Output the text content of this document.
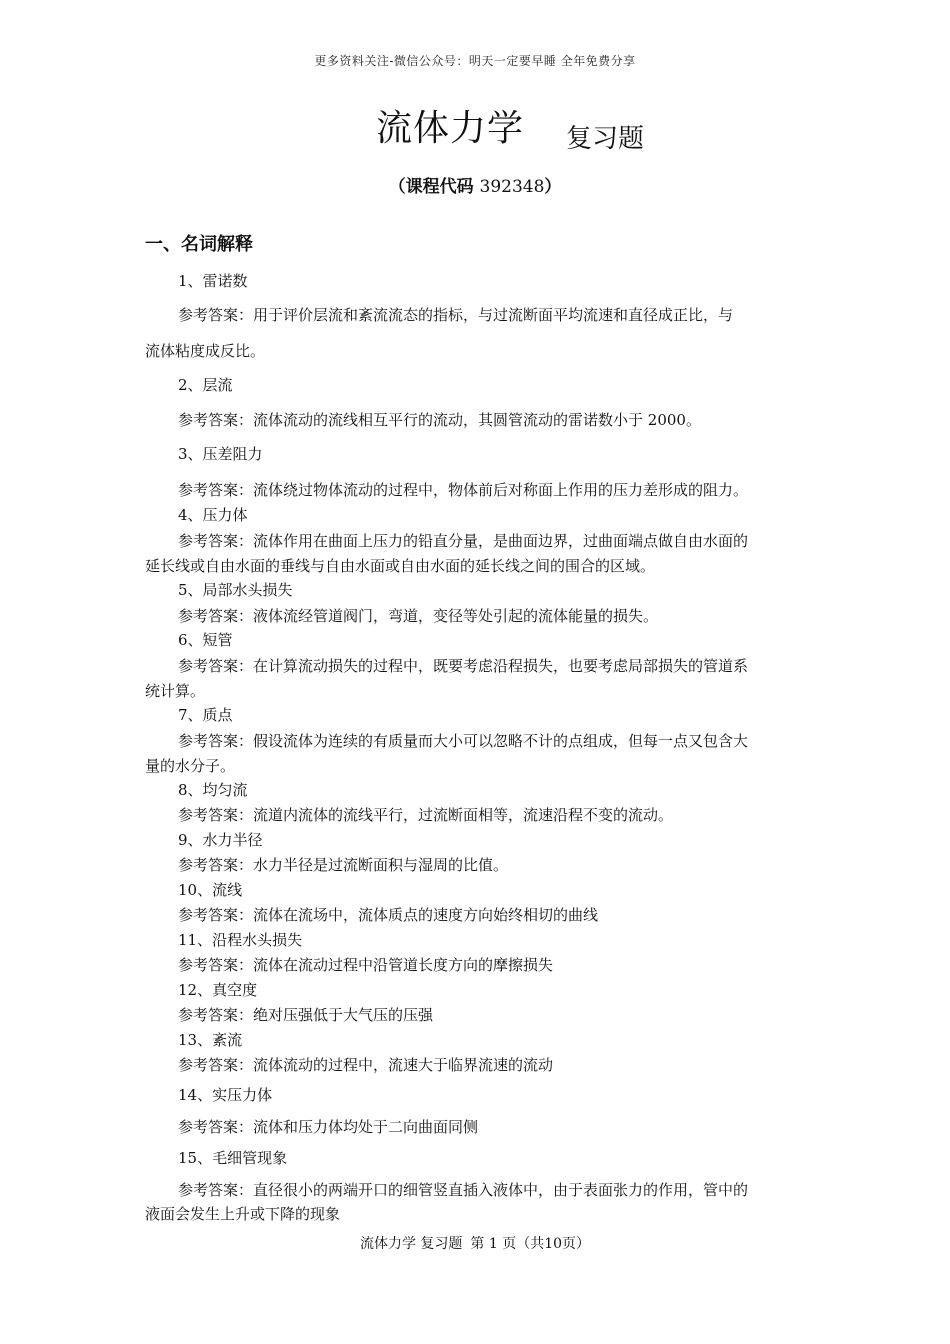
更多资料关注-微信公众号：明天一定要早睡 全年免费分享
流体力学 复习题
（课程代码 392348）
一、名词解释
1、雷诺数
参考答案：用于评价层流和紊流流态的指标，与过流断面平均流速和直径成正比，与
流体粘度成反比。
2、层流
参考答案：流体流动的流线相互平行的流动，其圆管流动的雷诺数小于 2000。
3、压差阻力
参考答案：流体绕过物体流动的过程中，物体前后对称面上作用的压力差形成的阻力。
4、压力体
参考答案：流体作用在曲面上压力的铅直分量，是曲面边界，过曲面端点做自由水面的
延长线或自由水面的垂线与自由水面或自由水面的延长线之间的围合的区域。
5、局部水头损失
参考答案：液体流经管道阀门，弯道，变径等处引起的流体能量的损失。
6、短管
参考答案：在计算流动损失的过程中，既要考虑沿程损失，也要考虑局部损失的管道系
统计算。
7、质点
参考答案：假设流体为连续的有质量而大小可以忽略不计的点组成，但每一点又包含大
量的水分子。
8、均匀流
参考答案：流道内流体的流线平行，过流断面相等，流速沿程不变的流动。
9、水力半径
参考答案：水力半径是过流断面积与湿周的比值。
10、流线
参考答案：流体在流场中，流体质点的速度方向始终相切的曲线
11、沿程水头损失
参考答案：流体在流动过程中沿管道长度方向的摩擦损失
12、真空度
参考答案：绝对压强低于大气压的压强
13、紊流
参考答案：流体流动的过程中，流速大于临界流速的流动
14、实压力体
参考答案：流体和压力体均处于二向曲面同侧
15、毛细管现象
参考答案：直径很小的两端开口的细管竖直插入液体中，由于表面张力的作用，管中的
液面会发生上升或下降的现象
流体力学 复习题 第 1 页（共10页）
